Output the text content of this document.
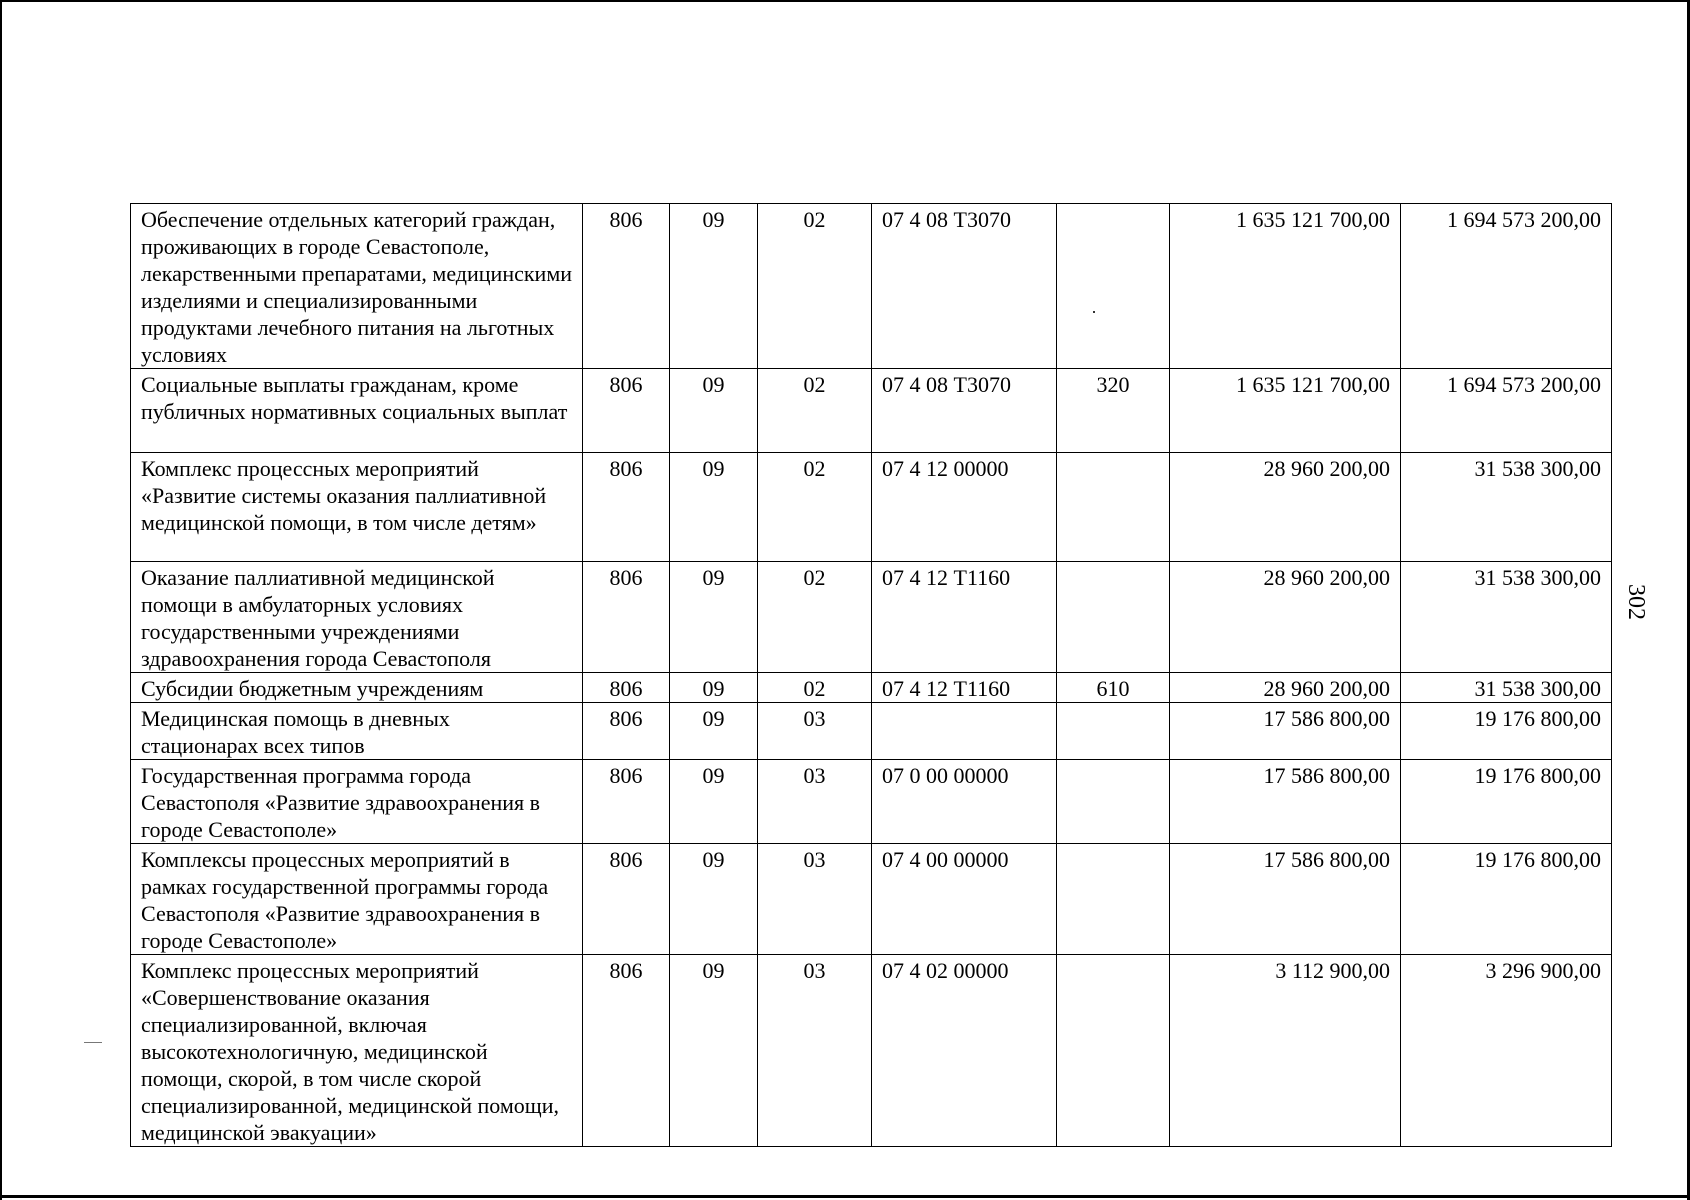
Обеспечение отдельных категорий граждан, проживающих в городе Севастополе, лекарственными препаратами, медицинскими изделиями и специализированными продуктами лечебного питания на льготных условиях	806	09	02	07 4 08 Т3070		1 635 121 700,00	1 694 573 200,00
Социальные выплаты гражданам, кроме публичных нормативных социальных выплат	806	09	02	07 4 08 Т3070	320	1 635 121 700,00	1 694 573 200,00
Комплекс процессных мероприятий «Развитие системы оказания паллиативной медицинской помощи, в том числе детям»	806	09	02	07 4 12 00000		28 960 200,00	31 538 300,00
Оказание паллиативной медицинской помощи в амбулаторных условиях государственными учреждениями здравоохранения города Севастополя	806	09	02	07 4 12 Т1160		28 960 200,00	31 538 300,00
Субсидии бюджетным учреждениям	806	09	02	07 4 12 Т1160	610	28 960 200,00	31 538 300,00
Медицинская помощь в дневных стационарах всех типов	806	09	03			17 586 800,00	19 176 800,00
Государственная программа города Севастополя «Развитие здравоохранения в городе Севастополе»	806	09	03	07 0 00 00000		17 586 800,00	19 176 800,00
Комплексы процессных мероприятий в рамках государственной программы города Севастополя «Развитие здравоохранения в городе Севастополе»	806	09	03	07 4 00 00000		17 586 800,00	19 176 800,00
Комплекс процессных мероприятий «Совершенствование оказания специализированной, включая высокотехнологичную, медицинской помощи, скорой, в том числе скорой специализированной, медицинской помощи, медицинской эвакуации»	806	09	03	07 4 02 00000		3 112 900,00	3 296 900,00
302
